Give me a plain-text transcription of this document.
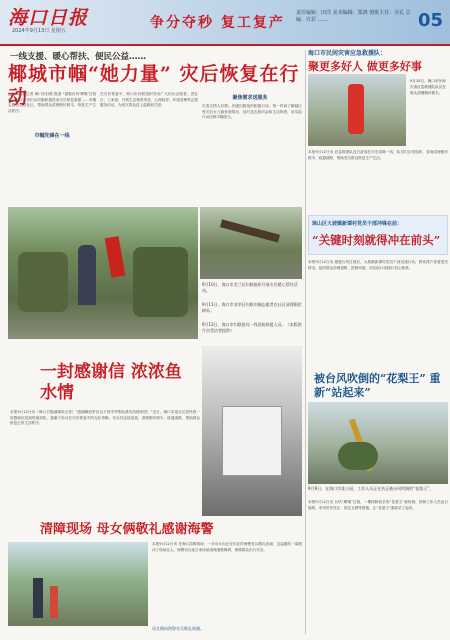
海口日报
2024年9月13日 星期五	争分夺秒 复工复产
责任编辑：田洋 美术编辑：郑鸿 值班主任：吴孔 总编：许彩 ……	05
一线支援、暖心帮扶、便民公益……
椰城市帼“她力量” 灾后恢复在行动
□海口日报记者 海口市妇联 报道 “超强台风‘摩羯’过境后，海口全市妇女同胞积极投身灾后恢复重建……巾帼志愿者走进社区，帮助群众清理倒伏树木，恢复生产生活秩序。
巾帼先锋在一线
在灾后恢复中，海口市妇联组织发动广大妇女志愿者，进社区、入家庭，开展生活物资发放、心理疏导、环境清理等志愿服务活动，为受灾群众送上温暖和关爱。
聚焦需求送服务
灾害无情人有情。各级妇联组织积极行动，第一时间了解辖区受灾妇女儿童家庭情况，及时送去慰问金和生活物资，用实际行动诠释巾帼担当。
9月10日，海口市美兰区妇联组织开展灾后暖心帮扶活动。
9月11日，海口市龙华区妇联巾帼志愿者在社区清理倒伏树木。
9月12日，海口市妇联慰问一线消防救援人员。（本版图片由受访者提供）
一封感谢信 浓浓鱼水情
本报9月12日讯（海口日报融媒体记者）“感谢解放军官兵不辞辛劳帮助我们清理家园！”近日，海口市某社区居民将一封感谢信送到驻琼部队，感谢子弟兵在灾后恢复中的无私奉献。官兵们连续奋战，清理倒伏树木、疏通道路，帮助群众恢复正常生活秩序。
清障现场 母女俩敬礼感谢海警
本报9月12日讯 在海口清障现场，一对母女向正在作业的海警官兵敬礼致谢，这温暖的一幕感动了现场众人。海警官兵连日来协助清理道路障碍，保障群众出行安全。
母女俩向海警官兵敬礼致谢。
海口市民间灾害应急救援队：
聚更多好人 做更多好事
9月10日，海口市民间灾害应急救援队队员在街头清理倒伏树木。
本报9月12日讯 应急救援队连日奋战在灾后清障一线，队员们自发组织，冒雨清理倒伏树木、疏通道路，帮助受灾群众恢复生产生活。
琼山区大坡镇新谭村党员干部冲锋在前：
“关键时刻就得冲在前头”
本报9月12日讯 超强台风过境后，大坡镇新谭村党员干部迅速行动，挨家挨户查看受灾情况，组织群众清理道路、抢修设施，用实际行动践行初心使命。
被台风吹倒的“花梨王” 重新“站起来”
9月8日，在海口市某公园，工作人员正在扶正被台风吹倒的“花梨王”。
本报9月12日讯 台风“摩羯”过境，一棵树龄较长的“花梨王”被吹倒。园林工作人员连日施救，采用吊车扶正、固定支撑等措施，让“花梨王”重新站了起来。
